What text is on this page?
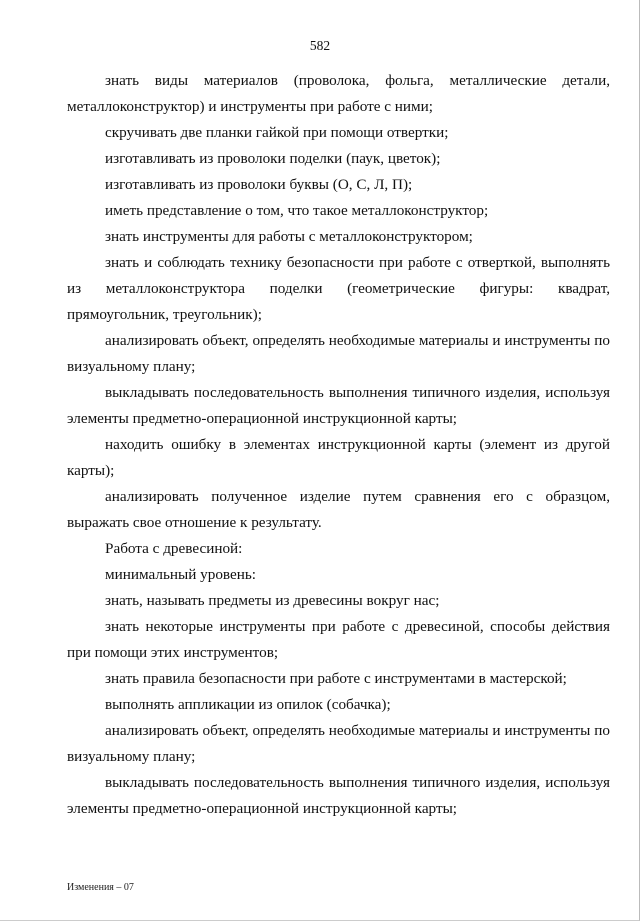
582

знать виды материалов (проволока, фольга, металлические детали, металлоконструктор) и инструменты при работе с ними;

скручивать две планки гайкой при помощи отвертки;

изготавливать из проволоки поделки (паук, цветок);

изготавливать из проволоки буквы (О, С, Л, П);

иметь представление о том, что такое металлоконструктор;

знать инструменты для работы с металлоконструктором;

знать и соблюдать технику безопасности при работе с отверткой, выполнять из металлоконструктора поделки (геометрические фигуры: квадрат, прямоугольник, треугольник);

анализировать объект, определять необходимые материалы и инструменты по визуальному плану;

выкладывать последовательность выполнения типичного изделия, используя элементы предметно-операционной инструкционной карты;

находить ошибку в элементах инструкционной карты (элемент из другой карты);

анализировать полученное изделие путем сравнения его с образцом, выражать свое отношение к результату.

Работа с древесиной:

минимальный уровень:

знать, называть предметы из древесины вокруг нас;

знать некоторые инструменты при работе с древесиной, способы действия при помощи этих инструментов;

знать правила безопасности при работе с инструментами в мастерской;

выполнять аппликации из опилок (собачка);

анализировать объект, определять необходимые материалы и инструменты по визуальному плану;

выкладывать последовательность выполнения типичного изделия, используя элементы предметно-операционной инструкционной карты;

Изменения – 07
